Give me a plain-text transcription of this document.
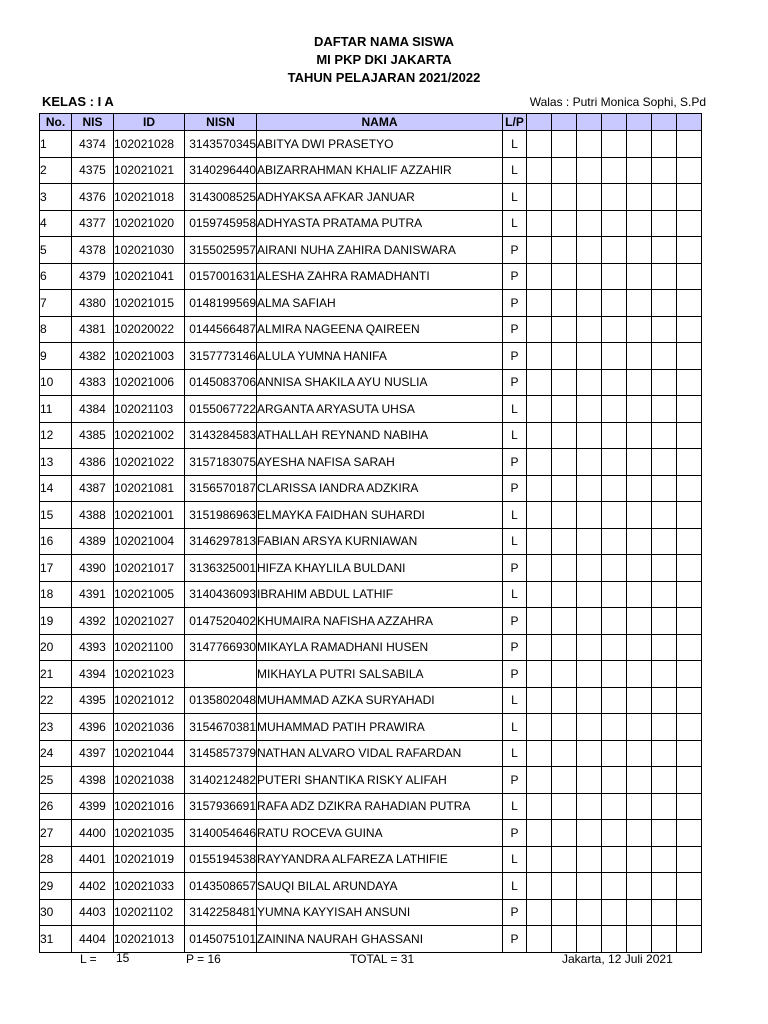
DAFTAR NAMA SISWA
MI PKP DKI JAKARTA
TAHUN PELAJARAN 2021/2022
KELAS : I A	Walas : Putri Monica Sophi, S.Pd
No.	NIS	ID	NISN	NAMA	L/P							
1	4374	102021028	3143570345	ABITYA DWI PRASETYO	L							
2	4375	102021021	3140296440	ABIZARRAHMAN KHALIF AZZAHIR	L							
3	4376	102021018	3143008525	ADHYAKSA AFKAR JANUAR	L							
4	4377	102021020	0159745958	ADHYASTA PRATAMA PUTRA	L							
5	4378	102021030	3155025957	AIRANI NUHA ZAHIRA DANISWARA	P							
6	4379	102021041	0157001631	ALESHA ZAHRA RAMADHANTI	P							
7	4380	102021015	0148199569	ALMA SAFIAH	P							
8	4381	102020022	0144566487	ALMIRA NAGEENA QAIREEN	P							
9	4382	102021003	3157773146	ALULA YUMNA HANIFA	P							
10	4383	102021006	0145083706	ANNISA SHAKILA AYU NUSLIA	P							
11	4384	102021103	0155067722	ARGANTA ARYASUTA UHSA	L							
12	4385	102021002	3143284583	ATHALLAH REYNAND NABIHA	L							
13	4386	102021022	3157183075	AYESHA NAFISA SARAH	P							
14	4387	102021081	3156570187	CLARISSA IANDRA ADZKIRA	P							
15	4388	102021001	3151986963	ELMAYKA FAIDHAN SUHARDI	L							
16	4389	102021004	3146297813	FABIAN ARSYA KURNIAWAN	L							
17	4390	102021017	3136325001	HIFZA KHAYLILA BULDANI	P							
18	4391	102021005	3140436093	IBRAHIM ABDUL LATHIF	L							
19	4392	102021027	0147520402	KHUMAIRA NAFISHA AZZAHRA	P							
20	4393	102021100	3147766930	MIKAYLA RAMADHANI HUSEN	P							
21	4394	102021023		MIKHAYLA PUTRI SALSABILA	P							
22	4395	102021012	0135802048	MUHAMMAD AZKA SURYAHADI	L							
23	4396	102021036	3154670381	MUHAMMAD PATIH PRAWIRA	L							
24	4397	102021044	3145857379	NATHAN ALVARO VIDAL RAFARDAN	L							
25	4398	102021038	3140212482	PUTERI SHANTIKA RISKY ALIFAH	P							
26	4399	102021016	3157936691	RAFA ADZ DZIKRA RAHADIAN PUTRA	L							
27	4400	102021035	3140054646	RATU ROCEVA GUINA	P							
28	4401	102021019	0155194538	RAYYANDRA ALFAREZA LATHIFIE	L							
29	4402	102021033	0143508657	SAUQI BILAL ARUNDAYA	L							
30	4403	102021102	3142258481	YUMNA KAYYISAH ANSUNI	P							
31	4404	102021013	0145075101	ZAININA NAURAH GHASSANI	P							
L = 15	P = 16	TOTAL = 31	Jakarta, 12 Juli 2021
